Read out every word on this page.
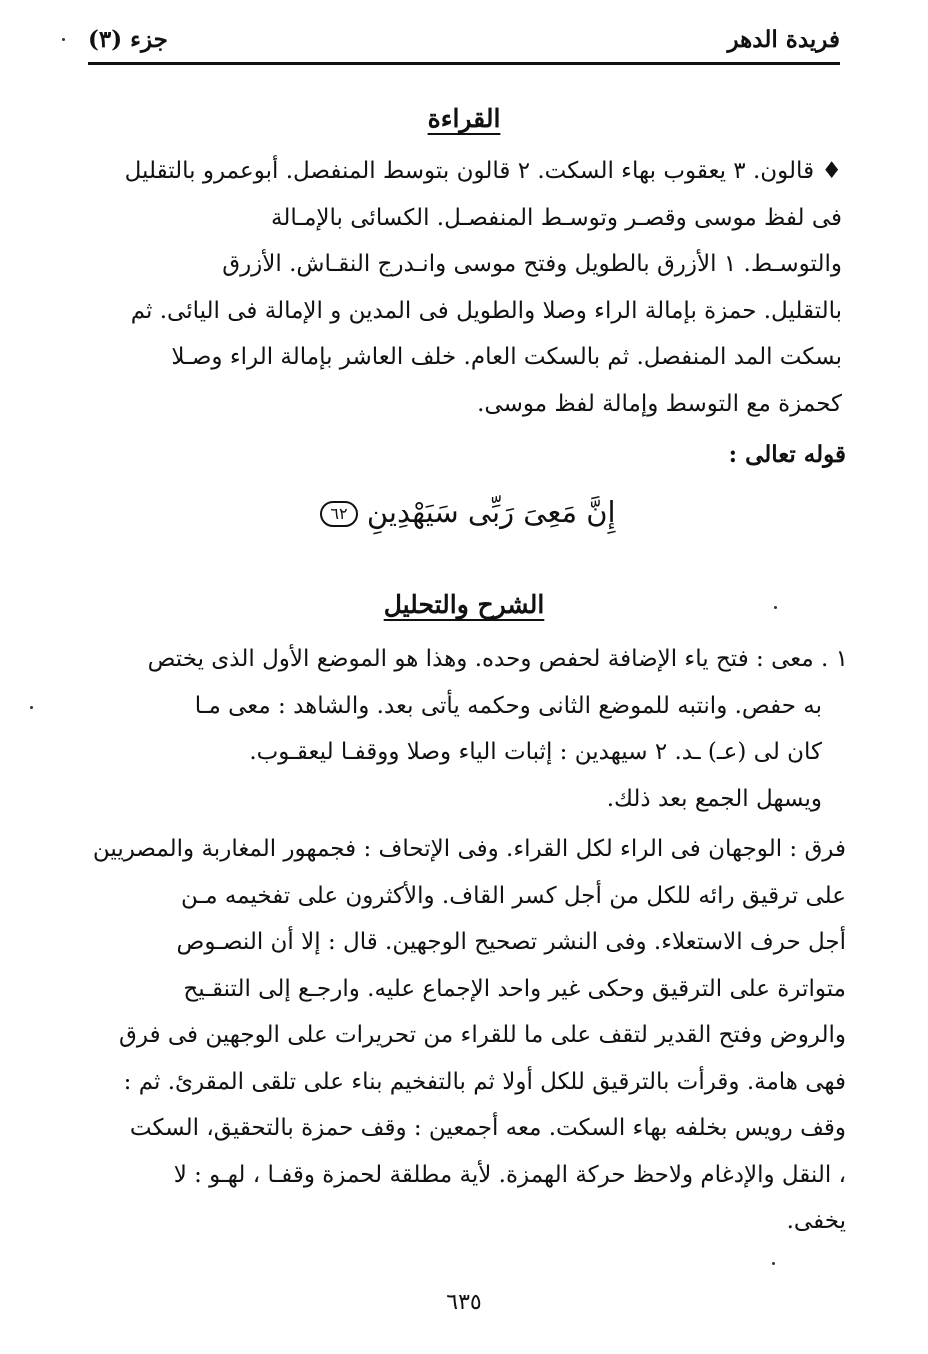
فريدة الدهر
جزء (٣)
القراءة

♦ قالون. ٣ يعقوب بهاء السكت. ٢ قالون بتوسط المنفصل. أبوعمرو بالتقليل

فى لفظ موسى وقصـر وتوسـط المنفصـل. الكسائى بالإمـالة

والتوسـط. ١ الأزرق بالطويل وفتح موسى وانـدرج النقـاش. الأزرق

بالتقليل. حمزة بإمالة الراء وصلا والطويل فى المدين و الإمالة فى اليائى. ثم

بسكت المد المنفصل. ثم بالسكت العام. خلف العاشر بإمالة الراء وصـلا

كحمزة مع التوسط وإمالة لفظ موسى.

قوله تعالى :
إِنَّ مَعِىَ رَبِّى سَيَهْدِينِ ٦٢
الشرح والتحليل

١ . معى : فتح ياء الإضافة لحفص وحده. وهذا هو الموضع الأول الذى يختص

به حفص. وانتبه للموضع الثانى وحكمه يأتى بعد. والشاهد : معى مـا

كان لى (عـ) ـد. ٢ سيهدين : إثبات الياء وصلا ووقفـا ليعقـوب.

ويسهل الجمع بعد ذلك.

فرق : الوجهان فى الراء لكل القراء. وفى الإتحاف : فجمهور المغاربة والمصريين

على ترقيق رائه للكل من أجل كسر القاف. والأكثرون على تفخيمه مـن

أجل حرف الاستعلاء. وفى النشر تصحيح الوجهين. قال : إلا أن النصـوص

متواترة على الترقيق وحكى غير واحد الإجماع عليه. وارجـع إلى التنقـيح

والروض وفتح القدير لتقف على ما للقراء من تحريرات على الوجهين فى فرق

فهى هامة. وقرأت بالترقيق للكل أولا ثم بالتفخيم بناء على تلقى المقرئ. ثم :

وقف رويس بخلفه بهاء السكت. معه أجمعين : وقف حمزة بالتحقيق، السكت

، النقل والإدغام ولاحظ حركة الهمزة. لأية مطلقة لحمزة وقفـا ، لهـو : لا

يخفى.

٦٣٥
